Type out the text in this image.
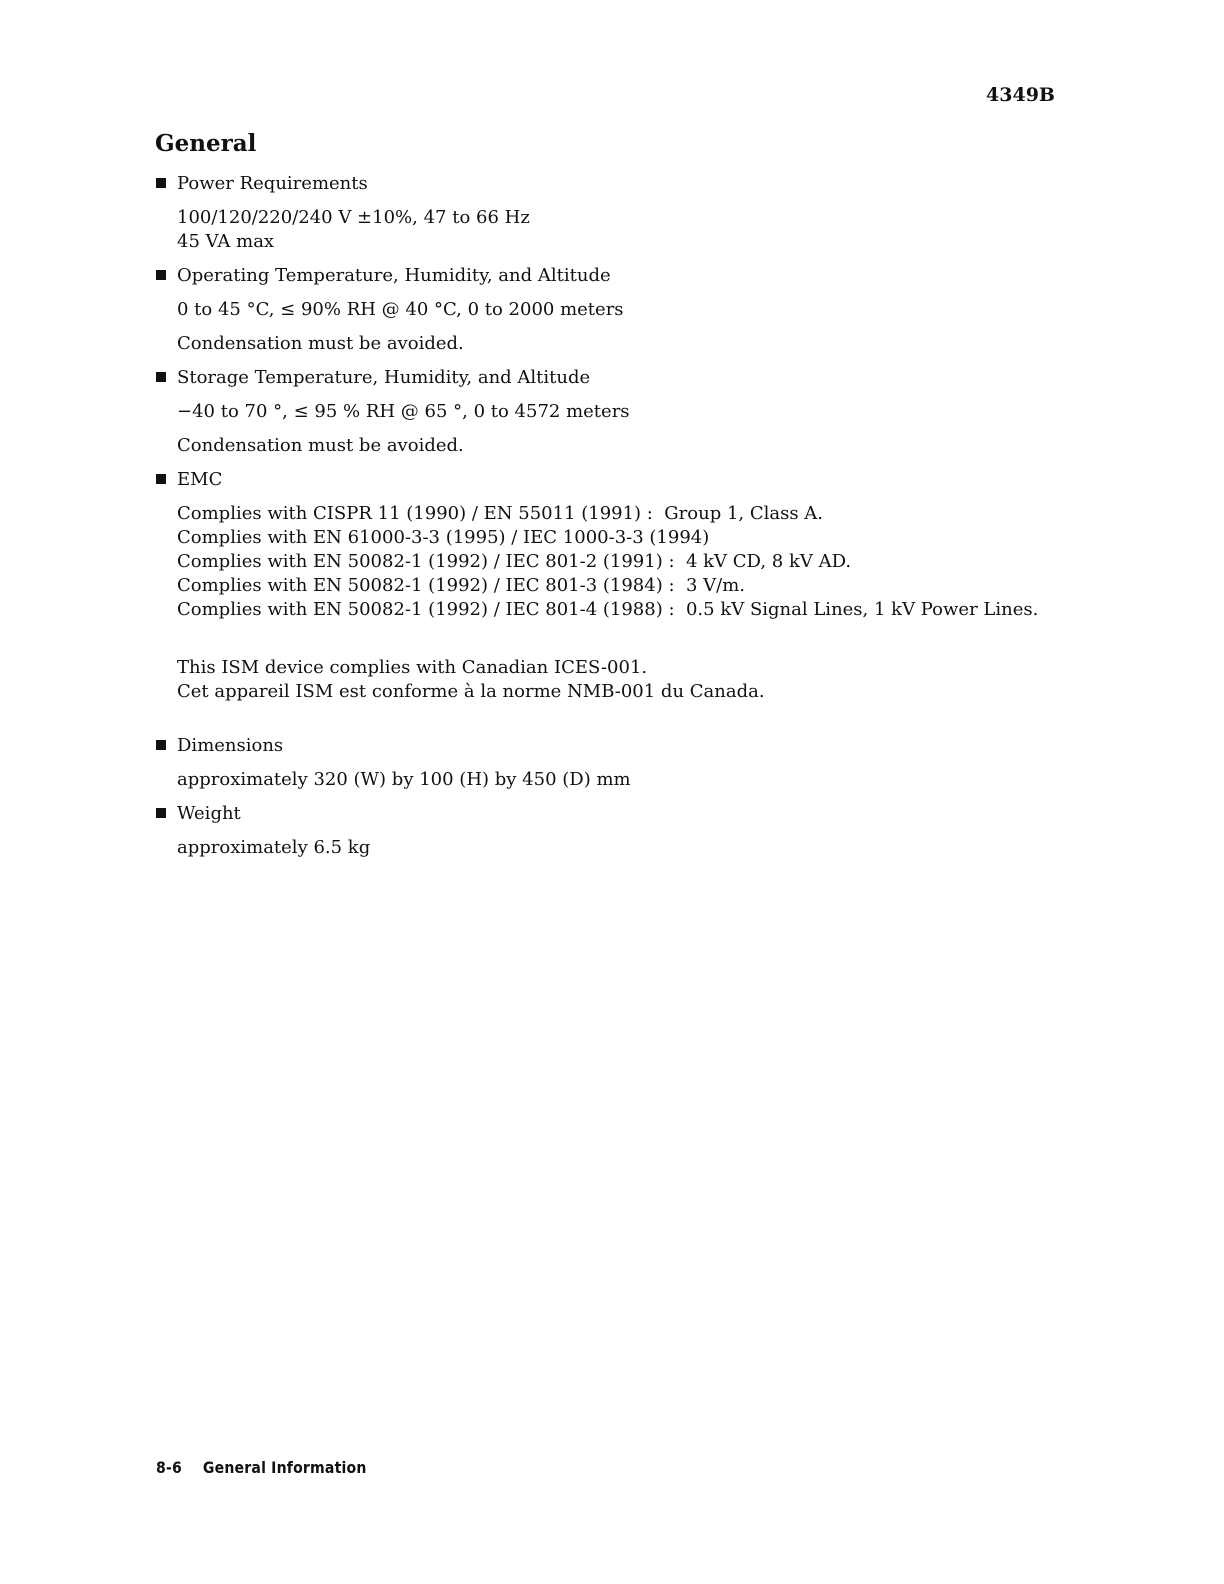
4349B
General
Power Requirements
100/120/220/240 V ±10%, 47 to 66 Hz
45 VA max
Operating Temperature, Humidity, and Altitude
0 to 45 °C, ≤ 90% RH @ 40 °C, 0 to 2000 meters
Condensation must be avoided.
Storage Temperature, Humidity, and Altitude
−40 to 70 °, ≤ 95 % RH @ 65 °, 0 to 4572 meters
Condensation must be avoided.
EMC
Complies with CISPR 11 (1990) / EN 55011 (1991) :  Group 1, Class A.
Complies with EN 61000-3-3 (1995) / IEC 1000-3-3 (1994)
Complies with EN 50082-1 (1992) / IEC 801-2 (1991) :  4 kV CD, 8 kV AD.
Complies with EN 50082-1 (1992) / IEC 801-3 (1984) :  3 V/m.
Complies with EN 50082-1 (1992) / IEC 801-4 (1988) :  0.5 kV Signal Lines, 1 kV Power Lines.
This ISM device complies with Canadian ICES-001.
Cet appareil ISM est conforme à la norme NMB-001 du Canada.
Dimensions
approximately 320 (W) by 100 (H) by 450 (D) mm
Weight
approximately 6.5 kg
8-6 General Information
